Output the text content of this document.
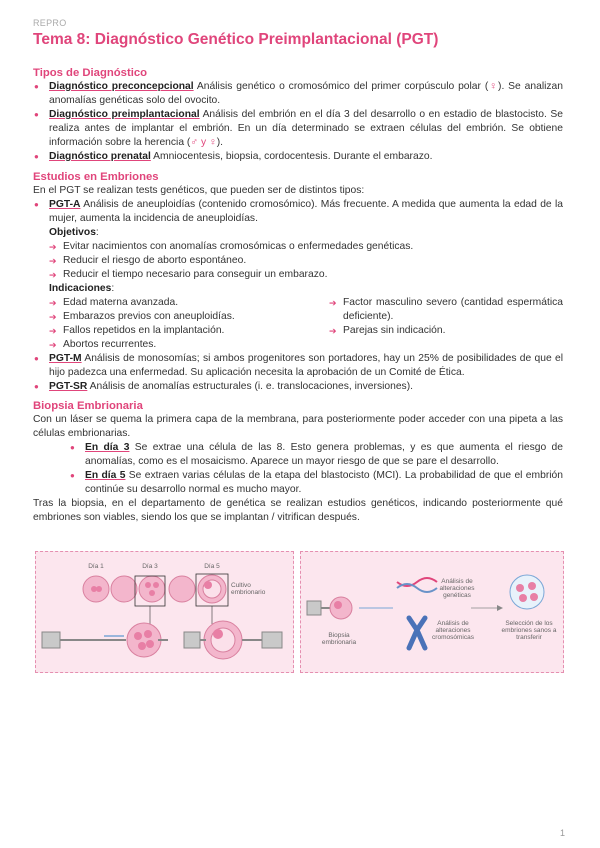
REPRO
Tema 8: Diagnóstico Genético Preimplantacional (PGT)
Tipos de Diagnóstico
● Diagnóstico preconcepcional Análisis genético o cromosómico del primer corpúsculo polar (♀). Se analizan anomalías genéticas solo del ovocito.
● Diagnóstico preimplantacional Análisis del embrión en el día 3 del desarrollo o en estadio de blastocisto. Se realiza antes de implantar el embrión. En un día determinado se extraen células del embrión. Se obtiene información sobre la herencia (♂ y ♀).
● Diagnóstico prenatal Amniocentesis, biopsia, cordocentesis. Durante el embarazo.
Estudios en Embriones

En el PGT se realizan tests genéticos, que pueden ser de distintos tipos:

● PGT-A Análisis de aneuploidías (contenido cromosómico). Más frecuente. A medida que aumenta la edad de la mujer, aumenta la incidencia de aneuploidías.
Objetivos:
➔ Evitar nacimientos con anomalías cromosómicas o enfermedades genéticas.
➔ Reducir el riesgo de aborto espontáneo.
➔ Reducir el tiempo necesario para conseguir un embarazo.
Indicaciones:
➔ Edad materna avanzada.
➔ Embarazos previos con aneuploidías.
➔ Fallos repetidos en la implantación.
➔ Abortos recurrentes.
➔ Factor masculino severo (cantidad espermática deficiente).
➔ Parejas sin indicación.
● PGT-M Análisis de monosomías; si ambos progenitores son portadores, hay un 25% de posibilidades de que el hijo padezca una enfermedad. Su aplicación necesita la aprobación de un Comité de Ética.
● PGT-SR Análisis de anomalías estructurales (i. e. translocaciones, inversiones).
Biopsia Embrionaria

Con un láser se quema la primera capa de la membrana, para posteriormente poder acceder con una pipeta a las células embrionarias.

● En día 3 Se extrae una célula de las 8. Esto genera problemas, y es que aumenta el riesgo de anomalías, como es el mosaicismo. Aparece un mayor riesgo de que se pare el desarrollo.
● En día 5 Se extraen varias células de la etapa del blastocisto (MCI). La probabilidad de que el embrión continúe su desarrollo normal es mucho mayor.

Tras la biopsia, en el departamento de genética se realizan estudios genéticos, indicando posteriormente qué embriones son viables, siendo los que se implantan / vitrifican después.

Día 1	Día 3	Día 5
Cultivo embrionario
Biopsia embrionaria
Análisis de alteraciones genéticas
Análisis de alteraciones cromosómicas
Selección de los embriones sanos a transferir
1
